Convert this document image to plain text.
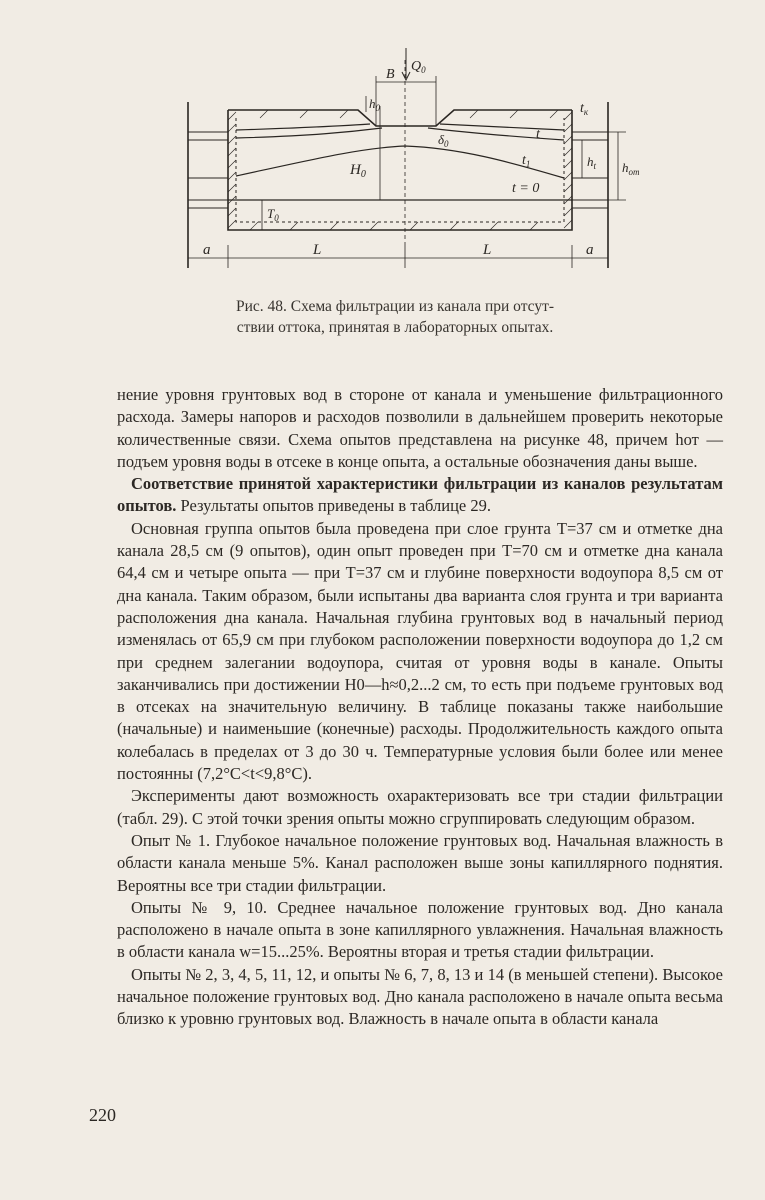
B
$Q_0$
$h_0$	$t_к$
$\delta_0$
t
$t_1$
$H_0$
t = 0
$h_t$ $h_{от}$
$T_0$
a	L	L	a
Рис. 48. Схема фильтрации из канала при отсут-
ствии оттока, принятая в лабораторных опытах.

нение уровня грунтовых вод в стороне от канала и уменьшение фильтрационного расхода. Замеры напоров и расходов позволили в дальнейшем проверить некоторые количественные связи. Схема опытов представлена на рисунке 48, причем hот — подъем уровня воды в отсеке в конце опыта, а остальные обозначения даны выше.

Соответствие принятой характеристики фильтрации из каналов результатам опытов. Результаты опытов приведены в таблице 29.

Основная группа опытов была проведена при слое грунта T=37 см и отметке дна канала 28,5 см (9 опытов), один опыт проведен при T=70 см и отметке дна канала 64,4 см и четыре опыта — при T=37 см и глубине поверхности водоупора 8,5 см от дна канала. Таким образом, были испытаны два варианта слоя грунта и три варианта расположения дна канала. Начальная глубина грунтовых вод в начальный период изменялась от 65,9 см при глубоком расположении поверхности водоупора до 1,2 см при среднем залегании водоупора, считая от уровня воды в канале. Опыты заканчивались при достижении H0—h≈0,2...2 см, то есть при подъеме грунтовых вод в отсеках на значительную величину. В таблице показаны также наибольшие (начальные) и наименьшие (конечные) расходы. Продолжительность каждого опыта колебалась в пределах от 3 до 30 ч. Температурные условия были более или менее постоянны (7,2°C<t<9,8°C).

Эксперименты дают возможность охарактеризовать все три стадии фильтрации (табл. 29). С этой точки зрения опыты можно сгруппировать следующим образом.

Опыт № 1. Глубокое начальное положение грунтовых вод. Начальная влажность в области канала меньше 5%. Канал расположен выше зоны капиллярного поднятия. Вероятны все три стадии фильтрации.

Опыты № 9, 10. Среднее начальное положение грунтовых вод. Дно канала расположено в начале опыта в зоне капиллярного увлажнения. Начальная влажность в области канала w=15...25%. Вероятны вторая и третья стадии фильтрации.

Опыты № 2, 3, 4, 5, 11, 12, и опыты № 6, 7, 8, 13 и 14 (в меньшей степени). Высокое начальное положение грунтовых вод. Дно канала расположено в начале опыта весьма близко к уровню грунтовых вод. Влажность в начале опыта в области канала

220
